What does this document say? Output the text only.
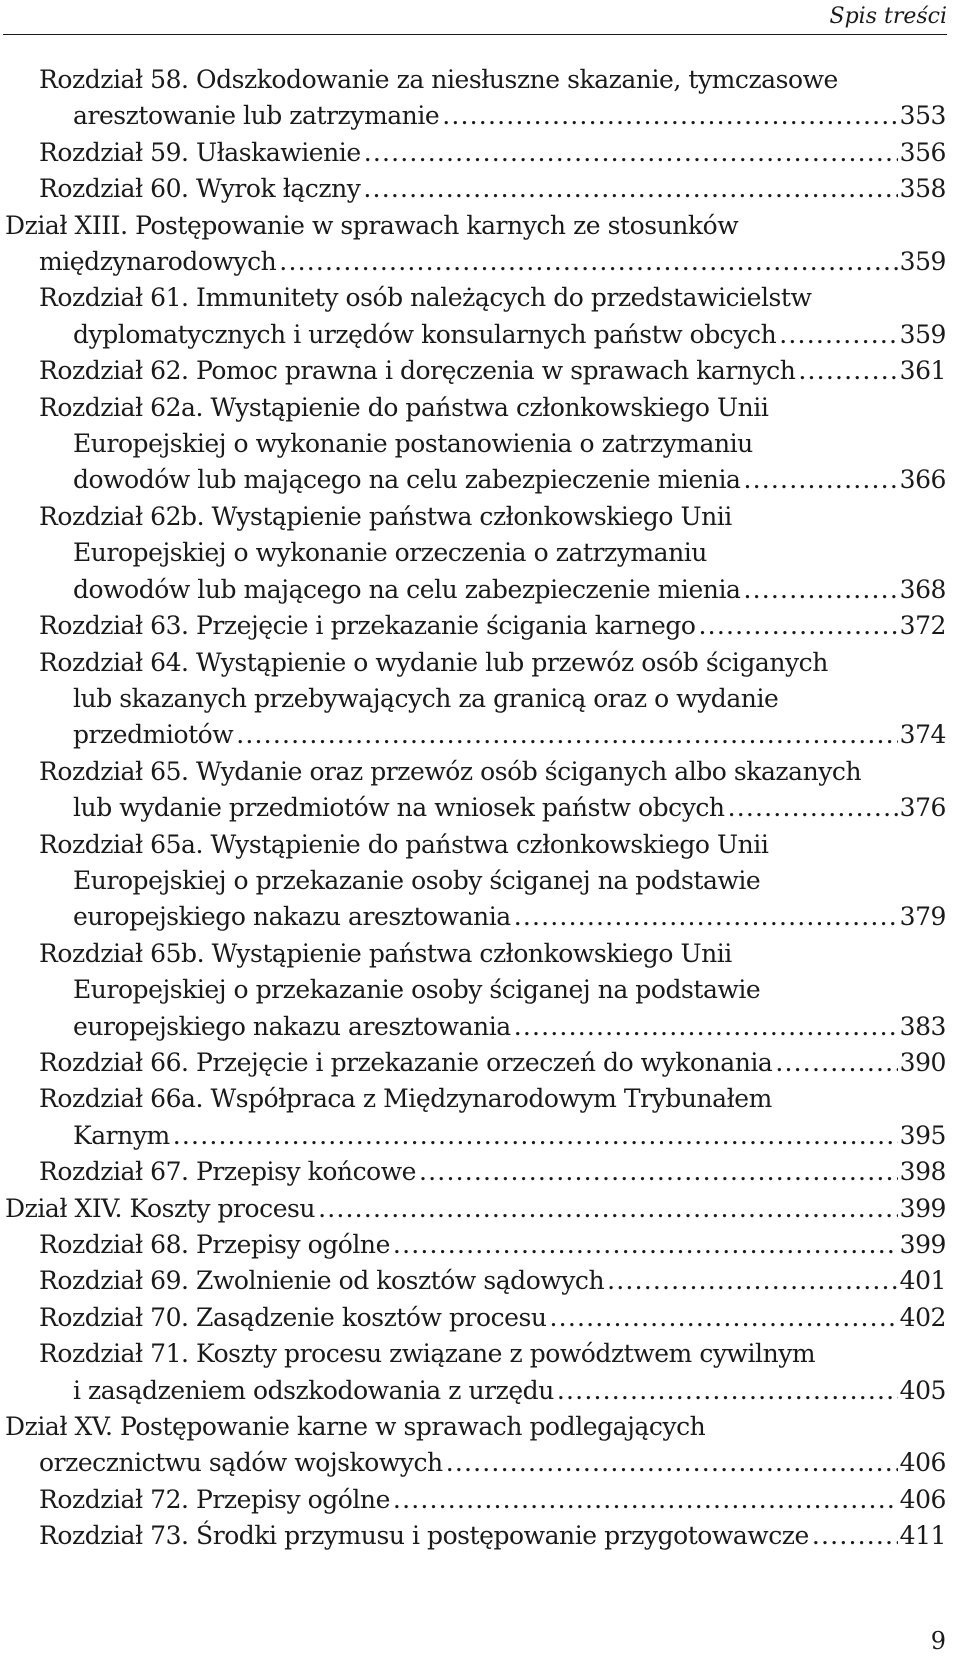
Spis treści
Rozdział 58. Odszkodowanie za niesłuszne skazanie, tymczasowe
aresztowanie lub zatrzymanie .....	353
Rozdział 59. Ułaskawienie .....	356
Rozdział 60. Wyrok łączny .....	358
Dział XIII. Postępowanie w sprawach karnych ze stosunków
międzynarodowych .....	359
Rozdział 61. Immunitety osób należących do przedstawicielstw
dyplomatycznych i urzędów konsularnych państw obcych .....	359
Rozdział 62. Pomoc prawna i doręczenia w sprawach karnych .....	361
Rozdział 62a. Wystąpienie do państwa członkowskiego Unii
Europejskiej o wykonanie postanowienia o zatrzymaniu
dowodów lub mającego na celu zabezpieczenie mienia .....	366
Rozdział 62b. Wystąpienie państwa członkowskiego Unii
Europejskiej o wykonanie orzeczenia o zatrzymaniu
dowodów lub mającego na celu zabezpieczenie mienia .....	368
Rozdział 63. Przejęcie i przekazanie ścigania karnego .....	372
Rozdział 64. Wystąpienie o wydanie lub przewóz osób ściganych
lub skazanych przebywających za granicą oraz o wydanie
przedmiotów .....	374
Rozdział 65. Wydanie oraz przewóz osób ściganych albo skazanych
lub wydanie przedmiotów na wniosek państw obcych .....	376
Rozdział 65a. Wystąpienie do państwa członkowskiego Unii
Europejskiej o przekazanie osoby ściganej na podstawie
europejskiego nakazu aresztowania .....	379
Rozdział 65b. Wystąpienie państwa członkowskiego Unii
Europejskiej o przekazanie osoby ściganej na podstawie
europejskiego nakazu aresztowania .....	383
Rozdział 66. Przejęcie i przekazanie orzeczeń do wykonania .....	390
Rozdział 66a. Współpraca z Międzynarodowym Trybunałem
Karnym .....	395
Rozdział 67. Przepisy końcowe .....	398
Dział XIV. Koszty procesu .....	399
Rozdział 68. Przepisy ogólne .....	399
Rozdział 69. Zwolnienie od kosztów sądowych .....	401
Rozdział 70. Zasądzenie kosztów procesu .....	402
Rozdział 71. Koszty procesu związane z powództwem cywilnym
i zasądzeniem odszkodowania z urzędu .....	405
Dział XV. Postępowanie karne w sprawach podlegających
orzecznictwu sądów wojskowych .....	406
Rozdział 72. Przepisy ogólne .....	406
Rozdział 73. Środki przymusu i postępowanie przygotowawcze .....	411
9
